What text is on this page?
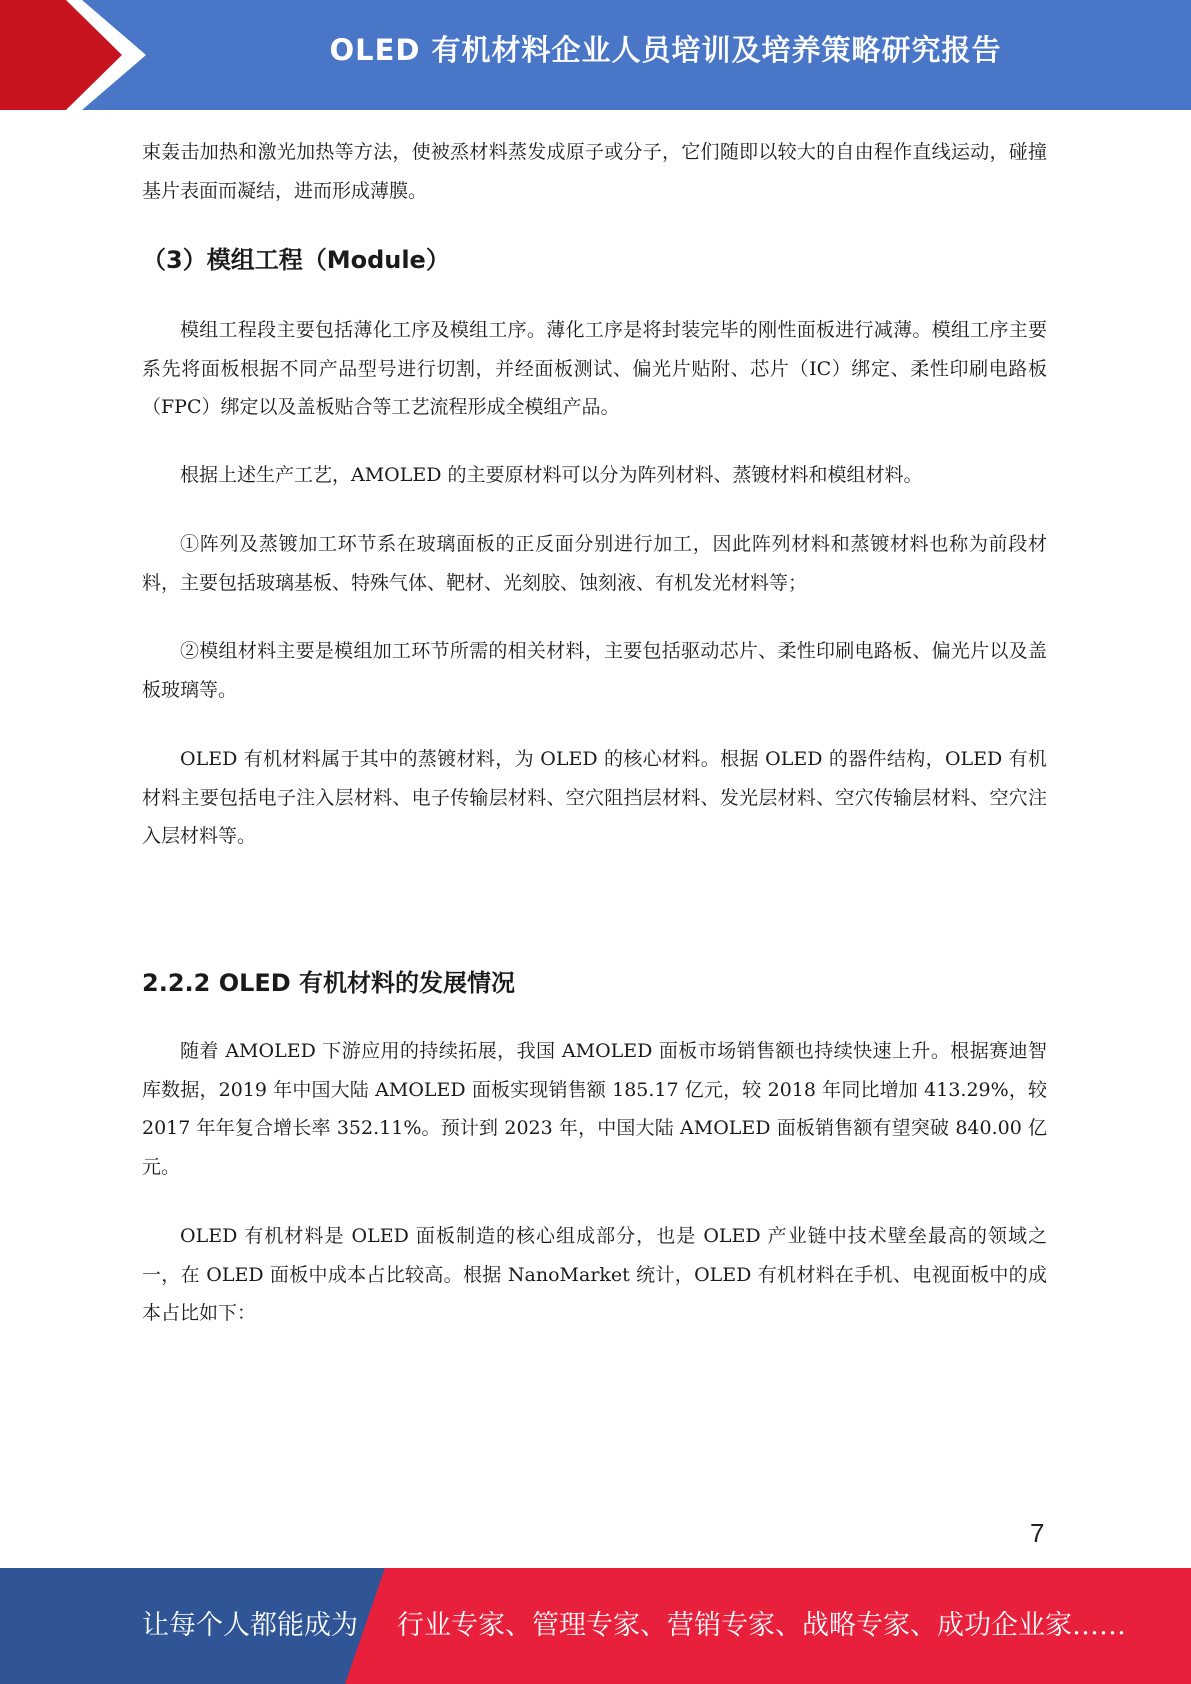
OLED 有机材料企业人员培训及培养策略研究报告

束轰击加热和激光加热等方法，使被烝材料蒸发成原子或分子，它们随即以较大的自由程作直线运动，碰撞基片表面而凝结，进而形成薄膜。

（3）模组工程（Module）

模组工程段主要包括薄化工序及模组工序。薄化工序是将封装完毕的刚性面板进行减薄。模组工序主要系先将面板根据不同产品型号进行切割，并经面板测试、偏光片贴附、芯片（IC）绑定、柔性印刷电路板（FPC）绑定以及盖板贴合等工艺流程形成全模组产品。

根据上述生产工艺，AMOLED 的主要原材料可以分为阵列材料、蒸镀材料和模组材料。

①阵列及蒸镀加工环节系在玻璃面板的正反面分别进行加工，因此阵列材料和蒸镀材料也称为前段材料，主要包括玻璃基板、特殊气体、靶材、光刻胶、蚀刻液、有机发光材料等；

②模组材料主要是模组加工环节所需的相关材料，主要包括驱动芯片、柔性印刷电路板、偏光片以及盖板玻璃等。

OLED 有机材料属于其中的蒸镀材料，为 OLED 的核心材料。根据 OLED 的器件结构，OLED 有机材料主要包括电子注入层材料、电子传输层材料、空穴阻挡层材料、发光层材料、空穴传输层材料、空穴注入层材料等。

2.2.2 OLED 有机材料的发展情况

随着 AMOLED 下游应用的持续拓展，我国 AMOLED 面板市场销售额也持续快速上升。根据赛迪智库数据，2019 年中国大陆 AMOLED 面板实现销售额 185.17 亿元，较 2018 年同比增加 413.29%，较 2017 年年复合增长率 352.11%。预计到 2023 年，中国大陆 AMOLED 面板销售额有望突破 840.00 亿元。

OLED 有机材料是 OLED 面板制造的核心组成部分，也是 OLED 产业链中技术壁垒最高的领域之一，在 OLED 面板中成本占比较高。根据 NanoMarket 统计，OLED 有机材料在手机、电视面板中的成本占比如下：

7
让每个人都能成为 行业专家、管理专家、营销专家、战略专家、成功企业家……
